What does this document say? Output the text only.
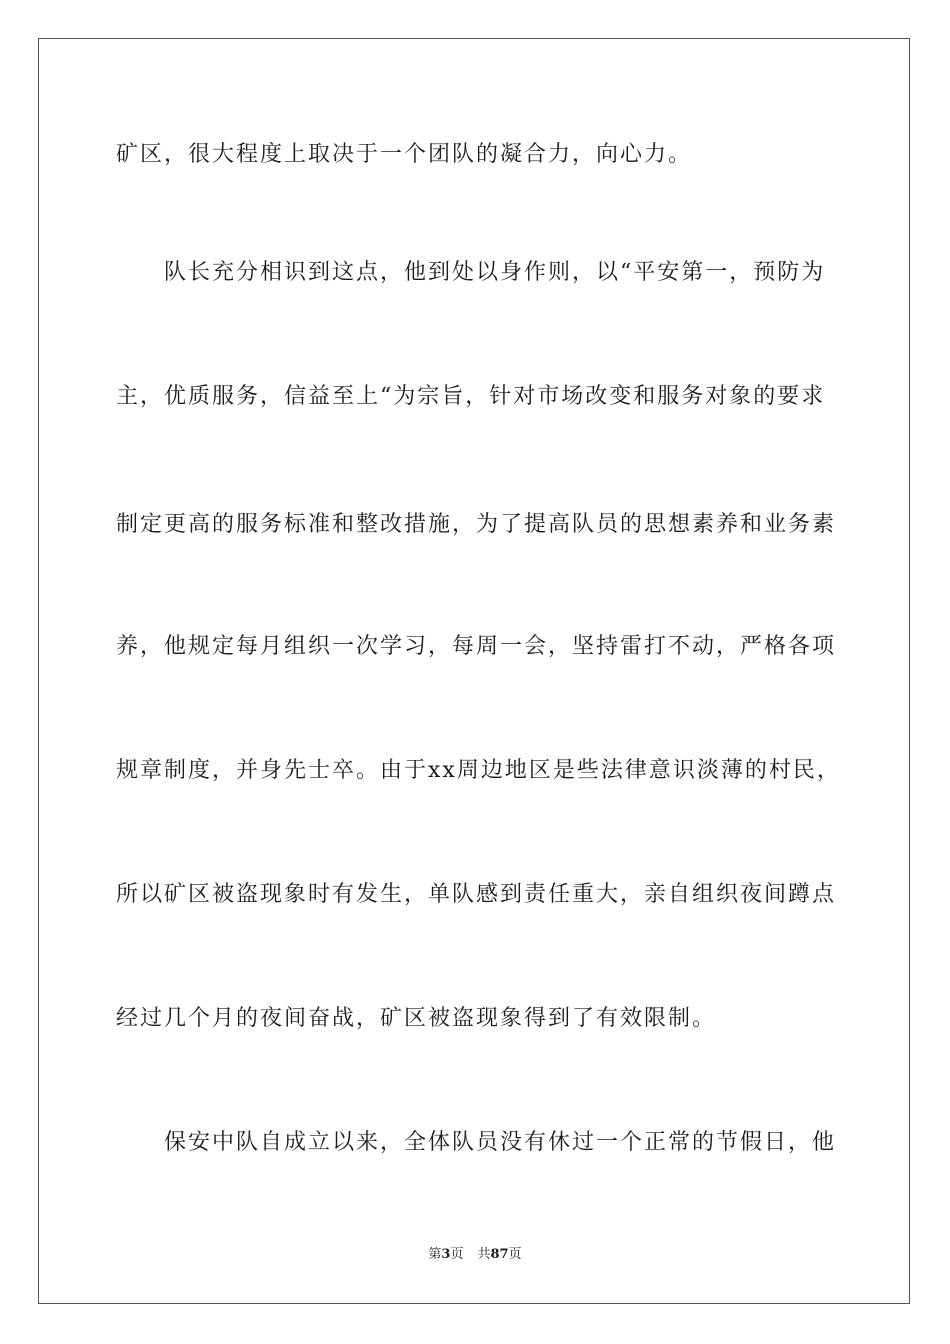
矿区，很大程度上取决于一个团队的凝合力，向心力。
队长充分相识到这点，他到处以身作则，以“平安第一，预防为
主，优质服务，信益至上“为宗旨，针对市场改变和服务对象的要求
制定更高的服务标准和整改措施，为了提高队员的思想素养和业务素
养，他规定每月组织一次学习，每周一会，坚持雷打不动，严格各项
规章制度，并身先士卒。由于xx周边地区是些法律意识淡薄的村民，
所以矿区被盗现象时有发生，单队感到责任重大，亲自组织夜间蹲点
经过几个月的夜间奋战，矿区被盗现象得到了有效限制。
保安中队自成立以来，全体队员没有休过一个正常的节假日，他
第3页 共87页
